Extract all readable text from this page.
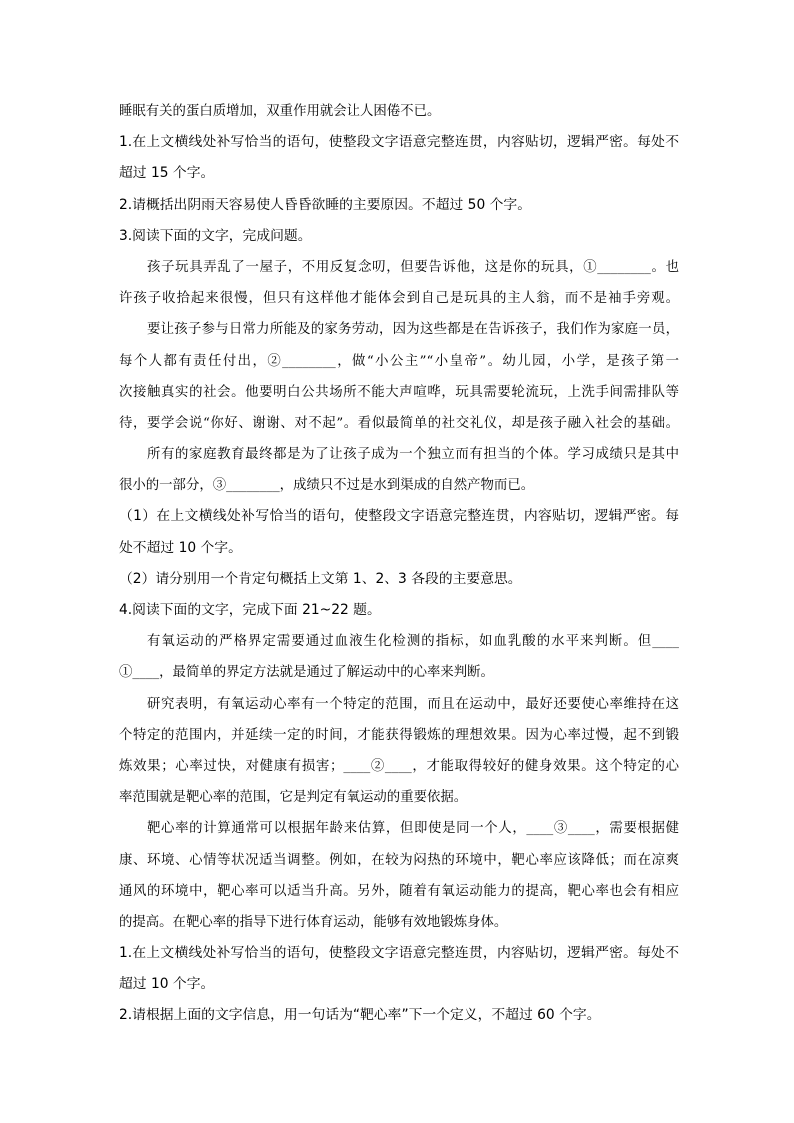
睡眠有关的蛋白质增加，双重作用就会让人困倦不已。
1.在上文横线处补写恰当的语句，使整段文字语意完整连贯，内容贴切，逻辑严密。每处不
超过 15 个字。
2.请概括出阴雨天容易使人昏昏欲睡的主要原因。不超过 50 个字。
3.阅读下面的文字，完成问题。
孩子玩具弄乱了一屋子，不用反复念叨，但要告诉他，这是你的玩具，①________。也
许孩子收拾起来很慢，但只有这样他才能体会到自己是玩具的主人翁，而不是袖手旁观。
要让孩子参与日常力所能及的家务劳动，因为这些都是在告诉孩子，我们作为家庭一员，
每个人都有责任付出，②________，做“小公主”“小皇帝”。幼儿园，小学，是孩子第一
次接触真实的社会。他要明白公共场所不能大声喧哗，玩具需要轮流玩，上洗手间需排队等
待，要学会说“你好、谢谢、对不起”。看似最简单的社交礼仪，却是孩子融入社会的基础。
所有的家庭教育最终都是为了让孩子成为一个独立而有担当的个体。学习成绩只是其中
很小的一部分，③________，成绩只不过是水到渠成的自然产物而已。
（1）在上文横线处补写恰当的语句，使整段文字语意完整连贯，内容贴切，逻辑严密。每
处不超过 10 个字。
（2）请分别用一个肯定句概括上文第 1、2、3 各段的主要意思。
4.阅读下面的文字，完成下面 21~22 题。
有氧运动的严格界定需要通过血液生化检测的指标，如血乳酸的水平来判断。但____
①____，最简单的界定方法就是通过了解运动中的心率来判断。
研究表明，有氧运动心率有一个特定的范围，而且在运动中，最好还要使心率维持在这
个特定的范围内，并延续一定的时间，才能获得锻炼的理想效果。因为心率过慢，起不到锻
炼效果；心率过快，对健康有损害；____②____，才能取得较好的健身效果。这个特定的心
率范围就是靶心率的范围，它是判定有氧运动的重要依据。
靶心率的计算通常可以根据年龄来估算，但即使是同一个人，____③____，需要根据健
康、环境、心情等状况适当调整。例如，在较为闷热的环境中，靶心率应该降低；而在凉爽
通风的环境中，靶心率可以适当升高。另外，随着有氧运动能力的提高，靶心率也会有相应
的提高。在靶心率的指导下进行体育运动，能够有效地锻炼身体。
1.在上文横线处补写恰当的语句，使整段文字语意完整连贯，内容贴切，逻辑严密。每处不
超过 10 个字。
2.请根据上面的文字信息，用一句话为“靶心率”下一个定义，不超过 60 个字。
